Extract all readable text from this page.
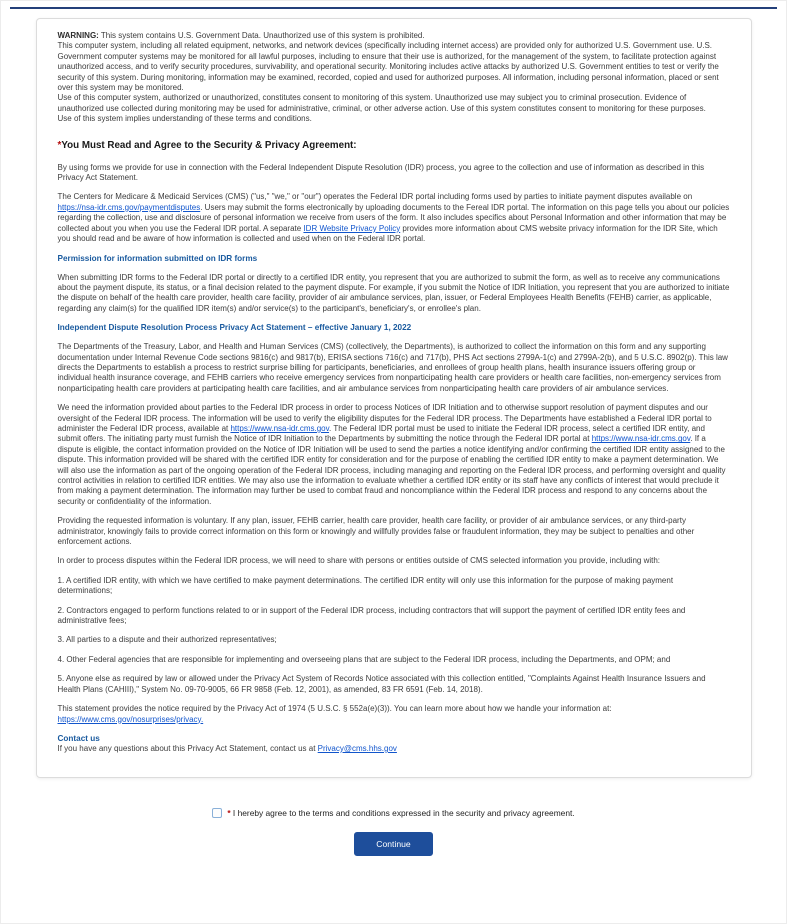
WARNING: This system contains U.S. Government Data. Unauthorized use of this system is prohibited.

This computer system, including all related equipment, networks, and network devices (specifically including internet access) are provided only for authorized U.S. Government use. U.S. Government computer systems may be monitored for all lawful purposes, including to ensure that their use is authorized, for the management of the system, to facilitate protection against unauthorized access, and to verify security procedures, survivability, and operational security. Monitoring includes active attacks by authorized U.S. Government entities to test or verify the security of this system. During monitoring, information may be examined, recorded, copied and used for authorized purposes. All information, including personal information, placed or sent over this system may be monitored.

Use of this computer system, authorized or unauthorized, constitutes consent to monitoring of this system. Unauthorized use may subject you to criminal prosecution. Evidence of unauthorized use collected during monitoring may be used for administrative, criminal, or other adverse action. Use of this system constitutes consent to monitoring for these purposes.

Use of this system implies understanding of these terms and conditions.

*You Must Read and Agree to the Security & Privacy Agreement:

By using forms we provide for use in connection with the Federal Independent Dispute Resolution (IDR) process, you agree to the collection and use of information as described in this Privacy Act Statement.

The Centers for Medicare & Medicaid Services (CMS) ("us," "we," or "our") operates the Federal IDR portal including forms used by parties to initiate payment disputes available on https://nsa-idr.cms.gov/paymentdisputes. Users may submit the forms electronically by uploading documents to the Fereal IDR portal. The information on this page tells you about our policies regarding the collection, use and disclosure of personal information we receive from users of the form. It also includes specifics about Personal Information and other information that may be collected about you when you use the Federal IDR portal. A separate IDR Website Privacy Policy provides more information about CMS website privacy information for the IDR Site, which you should read and be aware of how information is collected and used when on the Federal IDR portal.

Permission for information submitted on IDR forms

When submitting IDR forms to the Federal IDR portal or directly to a certified IDR entity, you represent that you are authorized to submit the form, as well as to receive any communications about the payment dispute, its status, or a final decision related to the payment dispute. For example, if you submit the Notice of IDR Initiation, you represent that you are authorized to initiate the dispute on behalf of the health care provider, health care facility, provider of air ambulance services, plan, issuer, or Federal Employees Health Benefits (FEHB) carrier, as applicable, regarding any claim(s) for the qualified IDR item(s) and/or service(s) to the participant's, beneficiary's, or enrollee's plan.

Independent Dispute Resolution Process Privacy Act Statement – effective January 1, 2022

The Departments of the Treasury, Labor, and Health and Human Services (CMS) (collectively, the Departments), is authorized to collect the information on this form and any supporting documentation under Internal Revenue Code sections 9816(c) and 9817(b), ERISA sections 716(c) and 717(b), PHS Act sections 2799A-1(c) and 2799A-2(b), and 5 U.S.C. 8902(p). This law directs the Departments to establish a process to restrict surprise billing for participants, beneficiaries, and enrollees of group health plans, health insurance issuers offering group or individual health insurance coverage, and FEHB carriers who receive emergency services from nonparticipating health care providers or health care facilities, non-emergency services from nonparticipating health care providers at participating health care facilities, and air ambulance services from nonparticipating health care providers of air ambulance services.

We need the information provided about parties to the Federal IDR process in order to process Notices of IDR Initiation and to otherwise support resolution of payment disputes and our oversight of the Federal IDR process. The information will be used to verify the eligibility disputes for the Federal IDR process. The Departments have established a Federal IDR portal to administer the Federal IDR process, available at https://www.nsa-idr.cms.gov. The Federal IDR portal must be used to initiate the Federal IDR process, select a certified IDR entity, and submit offers. The initiating party must furnish the Notice of IDR Initiation to the Departments by submitting the notice through the Federal IDR portal at https://www.nsa-idr.cms.gov. If a dispute is eligible, the contact information provided on the Notice of IDR Initiation will be used to send the parties a notice identifying and/or confirming the certified IDR entity assigned to the dispute. This information provided will be shared with the certified IDR entity for consideration and for the purpose of enabling the certified IDR entity to make a payment determination. We will also use the information as part of the ongoing operation of the Federal IDR process, including managing and reporting on the Federal IDR process, and performing oversight and quality control activities in relation to certified IDR entities. We may also use the information to evaluate whether a certified IDR entity or its staff have any conflicts of interest that would preclude it from making a payment determination. The information may further be used to combat fraud and noncompliance within the Federal IDR process and respond to any concerns about the security or confidentiality of the information.

Providing the requested information is voluntary. If any plan, issuer, FEHB carrier, health care provider, health care facility, or provider of air ambulance services, or any third-party administrator, knowingly fails to provide correct information on this form or knowingly and willfully provides false or fraudulent information, they may be subject to penalties and other enforcement actions.

In order to process disputes within the Federal IDR process, we will need to share with persons or entities outside of CMS selected information you provide, including with:

1. A certified IDR entity, with which we have certified to make payment determinations. The certified IDR entity will only use this information for the purpose of making payment determinations;

2. Contractors engaged to perform functions related to or in support of the Federal IDR process, including contractors that will support the payment of certified IDR entity fees and administrative fees;

3. All parties to a dispute and their authorized representatives;

4. Other Federal agencies that are responsible for implementing and overseeing plans that are subject to the Federal IDR process, including the Departments, and OPM; and

5. Anyone else as required by law or allowed under the Privacy Act System of Records Notice associated with this collection entitled, "Complaints Against Health Insurance Issuers and Health Plans (CAHIII)," System No. 09-70-9005, 66 FR 9858 (Feb. 12, 2001), as amended, 83 FR 6591 (Feb. 14, 2018).

This statement provides the notice required by the Privacy Act of 1974 (5 U.S.C. § 552a(e)(3)). You can learn more about how we handle your information at:
https://www.cms.gov/nosurprises/privacy.

Contact us

If you have any questions about this Privacy Act Statement, contact us at Privacy@cms.hhs.gov

* I hereby agree to the terms and conditions expressed in the security and privacy agreement.
Continue
